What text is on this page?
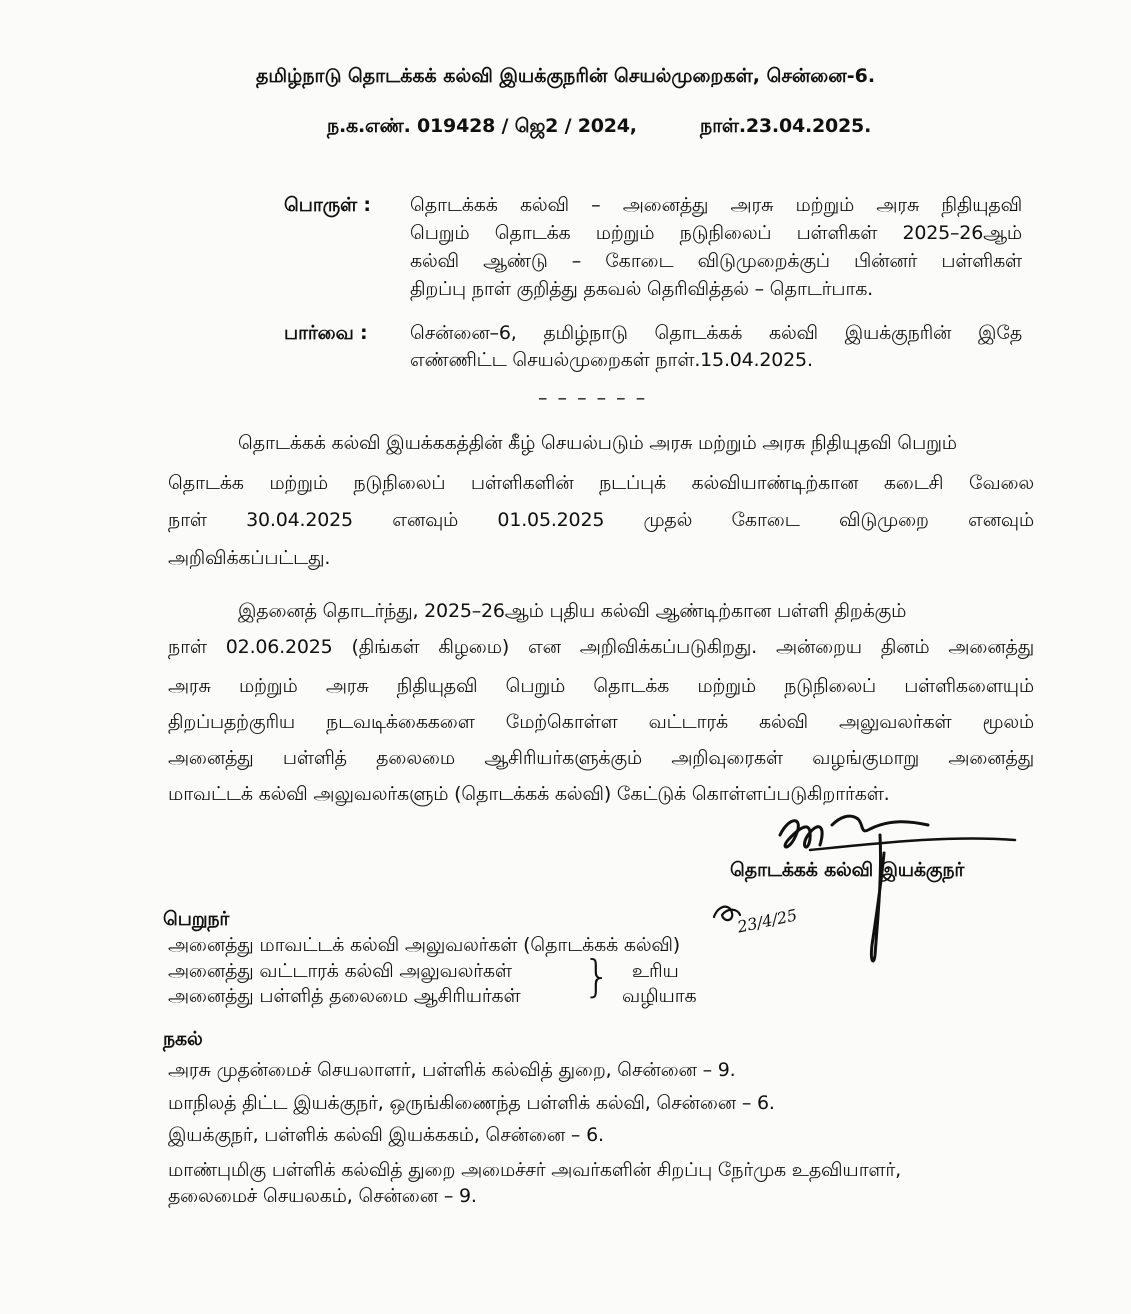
தமிழ்நாடு தொடக்கக் கல்வி இயக்குநரின் செயல்முறைகள், சென்னை-6.
ந.க.எண். 019428 / ஜெ2 / 2024,	நாள்.23.04.2025.
பொருள் : தொடக்கக் கல்வி – அனைத்து அரசு மற்றும் அரசு நிதியுதவி
பெறும் தொடக்க மற்றும் நடுநிலைப் பள்ளிகள் 2025–26ஆம்
கல்வி ஆண்டு – கோடை விடுமுறைக்குப் பின்னர் பள்ளிகள்
திறப்பு நாள் குறித்து தகவல் தெரிவித்தல் – தொடர்பாக.
பார்வை : சென்னை–6, தமிழ்நாடு தொடக்கக் கல்வி இயக்குநரின் இதே
எண்ணிட்ட செயல்முறைகள் நாள்.15.04.2025.
– – – – – –
தொடக்கக் கல்வி இயக்ககத்தின் கீழ் செயல்படும் அரசு மற்றும் அரசு நிதியுதவி பெறும்
தொடக்க மற்றும் நடுநிலைப் பள்ளிகளின் நடப்புக் கல்வியாண்டிற்கான கடைசி வேலை
நாள் 30.04.2025 எனவும் 01.05.2025 முதல் கோடை விடுமுறை எனவும்
அறிவிக்கப்பட்டது.
இதனைத் தொடர்ந்து, 2025–26ஆம் புதிய கல்வி ஆண்டிற்கான பள்ளி திறக்கும்
நாள் 02.06.2025 (திங்கள் கிழமை) என அறிவிக்கப்படுகிறது. அன்றைய தினம் அனைத்து
அரசு மற்றும் அரசு நிதியுதவி பெறும் தொடக்க மற்றும் நடுநிலைப் பள்ளிகளையும்
திறப்பதற்குரிய நடவடிக்கைகளை மேற்கொள்ள வட்டாரக் கல்வி அலுவலர்கள் மூலம்
அனைத்து பள்ளித் தலைமை ஆசிரியர்களுக்கும் அறிவுரைகள் வழங்குமாறு அனைத்து
மாவட்டக் கல்வி அலுவலர்களும் (தொடக்கக் கல்வி) கேட்டுக் கொள்ளப்படுகிறார்கள்.
தொடக்கக் கல்வி இயக்குநர்
23/4/25
பெறுநர்
அனைத்து மாவட்டக் கல்வி அலுவலர்கள் (தொடக்கக் கல்வி)
அனைத்து வட்டாரக் கல்வி அலுவலர்கள்
அனைத்து பள்ளித் தலைமை ஆசிரியர்கள் } உரிய
வழியாக
நகல்
அரசு முதன்மைச் செயலாளர், பள்ளிக் கல்வித் துறை, சென்னை – 9.
மாநிலத் திட்ட இயக்குநர், ஒருங்கிணைந்த பள்ளிக் கல்வி, சென்னை – 6.
இயக்குநர், பள்ளிக் கல்வி இயக்ககம், சென்னை – 6.
மாண்புமிகு பள்ளிக் கல்வித் துறை அமைச்சர் அவர்களின் சிறப்பு நேர்முக உதவியாளர்,
தலைமைச் செயலகம், சென்னை – 9.
